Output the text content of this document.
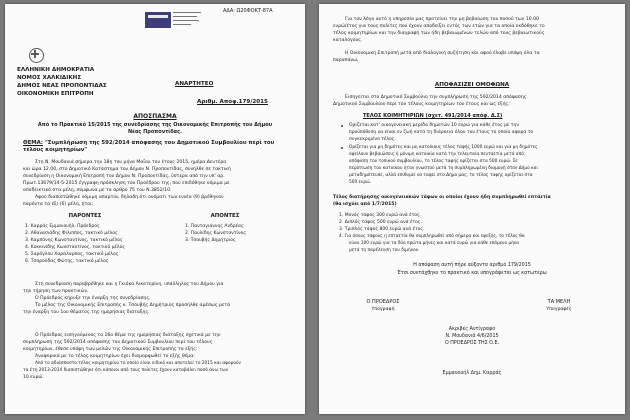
ΑΔΑ: Ω20ΦΟΚΤ-87Α
ΕΛΛΗΝΙΚΗ ΔΗΜΟΚΡΑΤΙΑ
ΝΟΜΟΣ ΧΑΛΚΙΔΙΚΗΣ
ΔΗΜΟΣ ΝΕΑΣ ΠΡΟΠΟΝΤΙΔΑΣ
ΟΙΚΟΝΟΜΙΚΗ ΕΠΙΤΡΟΠΗ
ΑΝΑΡΤΗΤΕΟ
Αριθμ. Απόφ.179/2015
ΑΠΟΣΠΑΣΜΑ
Από το Πρακτικό 15/2015 της συνεδρίασης της Οικονομικής Επιτροπής του Δήμου
Νέας Προποντίδας.
ΘΕΜΑ: "Συμπλήρωση της 592/2014 απόφασης του Δημοτικού Συμβουλίου περί του
τέλους κοιμητηρίων"
Στη Ν. Μουδανιά σήμερα την 18η του μήνα Μαΐου του έτους 2015, ημέρα Δευτέρα
και ώρα 12.00, στο Δημοτικό Κατάστημα του Δήμου Ν. Προποντίδας, συνήλθε σε τακτική
συνεδρίαση η Οικονομική Επιτροπή του Δήμου Ν. Προποντίδας, ύστερα από την υπ' αρ.
Πρωτ.13679/14-5-2015 έγγραφη πρόσκληση του Προέδρου της, που επιδόθηκε νόμιμα με
αποδεικτικό στα μέλη, σύμφωνα με τα άρθρο 75 του Ν.3852/10.
Αφού διαπιστώθηκε νόμιμη απαρτία, δηλαδή ότι ονόματι των εννέα (9) βρέθηκαν
παρόντα τα έξι (6) μέλη, ήτοι:
ΠΑΡΟΝΤΕΣ	ΑΠΟΝΤΕΣ
1. Καρράς Εμμανουήλ, Πρόεδρος
2. Αθανασιάδης Φίλιππος, τακτικό μέλος
3. Καμπάνης Κωνσταντίνος, τακτικό μέλος
4. Κοκκινίδης Κωνσταντίνος, τακτικό μέλος
5. Σαρόγλου Χαράλαμπος, τακτικό μέλος
6. Τσαρούδας Φώτης, τακτικό μέλος
1. Πανταγιάννης Ανδρέας
2. Παυλίδης Κωνσταντίνος
3. Τσουβής Δημήτριος
Στη συνεδρίαση παραβρέθηκε και η Γκιόκα Αικατερίνη, υπάλληλος του Δήμου για
την τήρηση των πρακτικών.
Ο Πρόεδρος κήρυξε την έναρξη της συνεδρίασης.
Το μέλος της Οικονομικής Επιτροπής κ. Τσουβής Δημήτριος προσήλθε αμέσως μετά
την έναρξη του 1ου θέματος της ημερήσιας διάταξης.
Ο Πρόεδρος εισηγούμενος το 16ο θέμα της ημερήσιας διάταξης σχετικά με την
συμπλήρωση της 592/2014 απόφασης του Δημοτικού Συμβουλίου περί του τέλους
κοιμητηρίων, έθεσε υπόψη των μελών της Οικονομικής Επιτροπής τα εξής:
Αναφορικά με το τέλος κοιμητηρίων έχει διαμορφωθεί το εξής θέμα:
Από το αδιάσπαστο τέλος κοιμητηρίου το οποίο είναι ειδικό και αποτελεί το 2015 και αφορούν
τα έτη 2013-2014 διαπιστώθηκε ότι κάποιοι από τους πολίτες έχουν καταβάλει ποσό άνω των
10 ευρώ.
Για τον λόγο αυτό η υπηρεσία μας προτείνει την μη βεβαίωση του ποσού των 10.00
ευρώ/έτος για τους πολίτες που έχουν αποδείξει εντός των ετών για τα οποία εκδόθηκε το
τέλος κοιμητηρίων και την διαγραφή των ήδη βεβαιωμένων τελών από τους βεβαιωτικούς
καταλόγους.
Η Οικονομική Επιτροπή μετά από διαλογική συζήτηση και αφού έλαβε υπόψη όλα τα
παραπάνω,
ΑΠΟΦΑΣΙΖΕΙ ΟΜΟΦΩΝΑ
Εισηγείται στο Δημοτικό Συμβούλιο την συμπλήρωση της 592/2014 απόφασης
Δημοτικού Συμβουλίου περί του τέλους κοιμητηρίων του έτους και ως εξής:
ΤΕΛΟΣ ΚΟΙΜΗΤΗΡΙΩΝ (σχετ. 491/2014 απόφ. Δ.Σ)
Ορίζεται κατ' οικογενειακή μερίδα δημοτών 10 ευρώ για κάθε έτος με την
προϋπόθεση να είναι εν ζωή κατά τη διάρκεια όλου του έτους το οποίο αφορά το
συγκεκριμένο τέλος.
Ορίζεται για μη δημότες και μη κατοίκους τέλος ταφής 1000 ευρώ και για μη δημότες
οφείλουν βεβαιώσεις ή μόνιμη κατοικία κατά την τελευταία πενταετία μετά από
απόφαση του τοπικού συμβουλίου, το τέλος ταφής ορίζεται στα 500 ευρώ. Σε
περίπτωση του κατοίκου ήταν γνωστού μετά τη συμπληρωμένη διαμονή στον Δήμο και
μεταδημότευσε, αλλά επιθυμεί να ταφεί στο Δήμο μας, το τέλος ταφής ορίζεται στα
500 ευρώ.
Τέλος διατήρησης οικογενειακών τάφων οι οποίοι έχουν ήδη συμπληρωθεί επτάετία
(θα ισχύει από 1/7/2015)
1. Μονός τάφος 300 ευρώ ανά έτος.
2. Διπλός τάφος 500 ευρώ ανά έτος.
3. Τριπλός τάφος 800 ευρώ ανά έτος.
4. Για όσους τάφους η επταετία θα συμπληρωθεί από σήμερα και εφεξής, το τέλος θα
είναι 100 ευρώ για τα δύο πρώτα μήνες και κατά ευρώ για κάθε επόμενο μήνα
μετά τη παρέλευση του διμήνου.
Η απόφαση αυτή πήρε αύξοντα αριθμό 179/2015
Έτσι συντάχθηκε το πρακτικό και υπογράφεται ως κατωτέρω
Ο ΠΡΟΕΔΡΟΣ
Υπογραφή
ΤΑ ΜΕΛΗ
Υπογραφές
Ακριβές Αντίγραφο
Ν. Μουδανιά 4/6/2015
Ο ΠΡΟΕΔΡΟΣ ΤΗΣ Ο.Ε.
Εμμανουήλ Δημ. Καρράς
